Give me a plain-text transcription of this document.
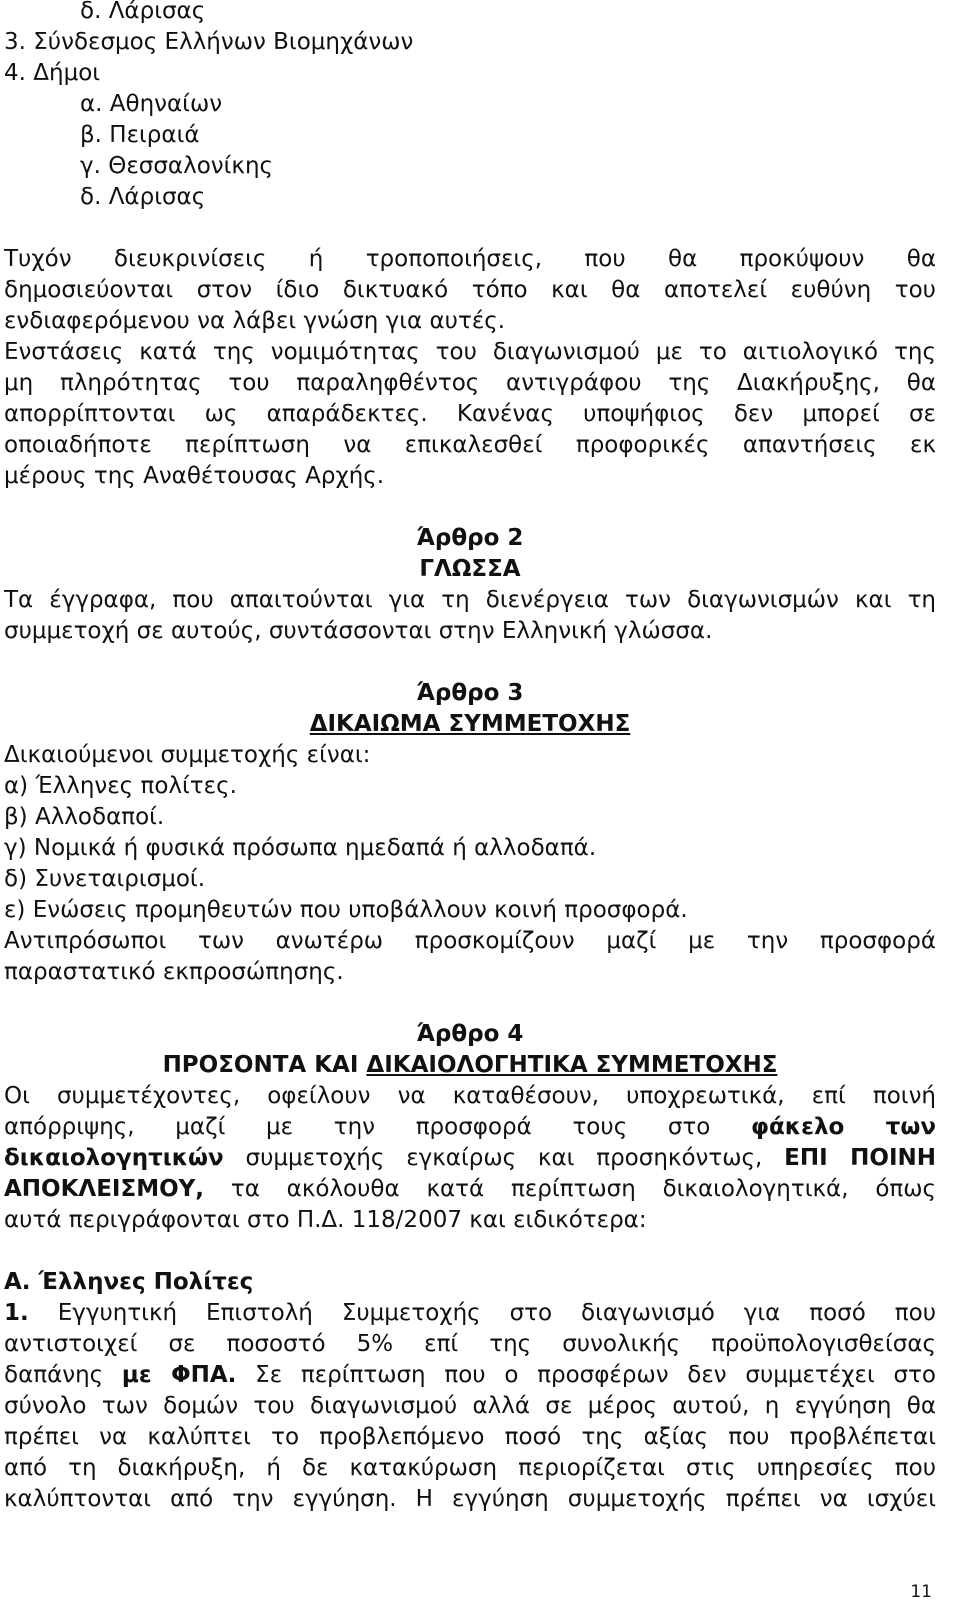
δ. Λάρισας
3. Σύνδεσμος Ελλήνων Βιομηχάνων
4. Δήμοι
α. Αθηναίων
β. Πειραιά
γ. Θεσσαλονίκης
δ. Λάρισας
Τυχόν διευκρινίσεις ή τροποποιήσεις, που θα προκύψουν θα
δημοσιεύονται στον ίδιο δικτυακό τόπο και θα αποτελεί ευθύνη του
ενδιαφερόμενου να λάβει γνώση για αυτές.
Ενστάσεις κατά της νομιμότητας του διαγωνισμού με το αιτιολογικό της
μη πληρότητας του παραληφθέντος αντιγράφου της Διακήρυξης, θα
απορρίπτονται ως απαράδεκτες. Κανένας υποψήφιος δεν μπορεί σε
οποιαδήποτε περίπτωση να επικαλεσθεί προφορικές απαντήσεις εκ
μέρους της Αναθέτουσας Αρχής.
Άρθρο 2
ΓΛΩΣΣΑ
Τα έγγραφα, που απαιτούνται για τη διενέργεια των διαγωνισμών και τη
συμμετοχή σε αυτούς, συντάσσονται στην Ελληνική γλώσσα.
Άρθρο 3
ΔΙΚΑΙΩΜΑ ΣΥΜΜΕΤΟΧΗΣ
Δικαιούμενοι συμμετοχής είναι:
α) Έλληνες πολίτες.
β) Αλλοδαποί.
γ) Νομικά ή φυσικά πρόσωπα ημεδαπά ή αλλοδαπά.
δ) Συνεταιρισμοί.
ε) Ενώσεις προμηθευτών που υποβάλλουν κοινή προσφορά.
Αντιπρόσωποι των ανωτέρω προσκομίζουν μαζί με την προσφορά
παραστατικό εκπροσώπησης.
Άρθρο 4
ΠΡΟΣΟΝΤΑ ΚΑΙ ΔΙΚΑΙΟΛΟΓΗΤΙΚΑ ΣΥΜΜΕΤΟΧΗΣ
Οι συμμετέχοντες, οφείλουν να καταθέσουν, υποχρεωτικά, επί ποινή
απόρριψης, μαζί με την προσφορά τους στο φάκελο των
δικαιολογητικών συμμετοχής εγκαίρως και προσηκόντως, ΕΠΙ ΠΟΙΝΗ
ΑΠΟΚΛΕΙΣΜΟΥ, τα ακόλουθα κατά περίπτωση δικαιολογητικά, όπως
αυτά περιγράφονται στο Π.Δ. 118/2007 και ειδικότερα:
Α. Έλληνες Πολίτες
1. Εγγυητική Επιστολή Συμμετοχής στο διαγωνισμό για ποσό που
αντιστοιχεί σε ποσοστό 5% επί της συνολικής προϋπολογισθείσας
δαπάνης με ΦΠΑ. Σε περίπτωση που ο προσφέρων δεν συμμετέχει στο
σύνολο των δομών του διαγωνισμού αλλά σε μέρος αυτού, η εγγύηση θα
πρέπει να καλύπτει το προβλεπόμενο ποσό της αξίας που προβλέπεται
από τη διακήρυξη, ή δε κατακύρωση περιορίζεται στις υπηρεσίες που
καλύπτονται από την εγγύηση. Η εγγύηση συμμετοχής πρέπει να ισχύει
11
